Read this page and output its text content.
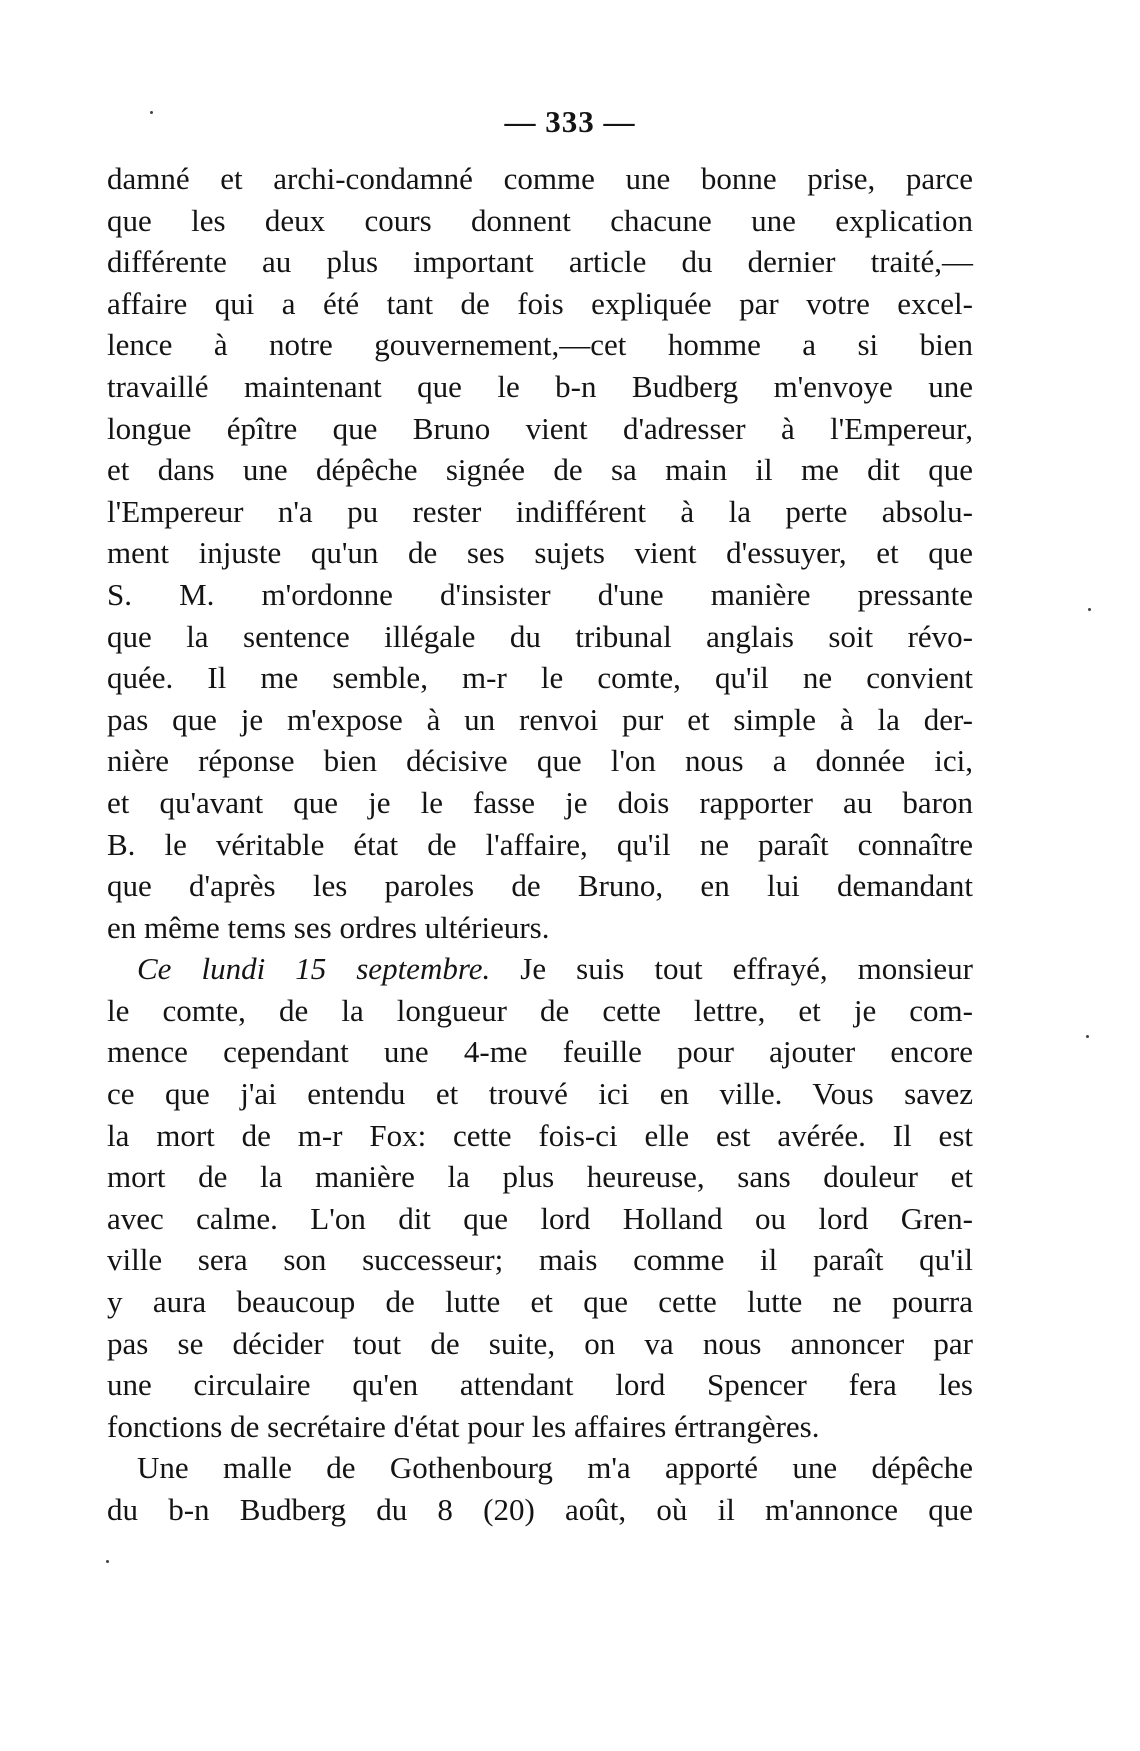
— 333 —
damné et archi-condamné comme une bonne prise, parce
que les deux cours donnent chacune une explication
différente au plus important article du dernier traité,—
affaire qui a été tant de fois expliquée par votre excel-
lence à notre gouvernement,—cet homme a si bien
travaillé maintenant que le b-n Budberg m'envoye une
longue épître que Bruno vient d'adresser à l'Empereur,
et dans une dépêche signée de sa main il me dit que
l'Empereur n'a pu rester indifférent à la perte absolu-
ment injuste qu'un de ses sujets vient d'essuyer, et que
S. M. m'ordonne d'insister d'une manière pressante
que la sentence illégale du tribunal anglais soit révo-
quée. Il me semble, m-r le comte, qu'il ne convient
pas que je m'expose à un renvoi pur et simple à la der-
nière réponse bien décisive que l'on nous a donnée ici,
et qu'avant que je le fasse je dois rapporter au baron
B. le véritable état de l'affaire, qu'il ne paraît connaître
que d'après les paroles de Bruno, en lui demandant
en même tems ses ordres ultérieurs.
Ce lundi 15 septembre. Je suis tout effrayé, monsieur
le comte, de la longueur de cette lettre, et je com-
mence cependant une 4-me feuille pour ajouter encore
ce que j'ai entendu et trouvé ici en ville. Vous savez
la mort de m-r Fox: cette fois-ci elle est avérée. Il est
mort de la manière la plus heureuse, sans douleur et
avec calme. L'on dit que lord Holland ou lord Gren-
ville sera son successeur; mais comme il paraît qu'il
y aura beaucoup de lutte et que cette lutte ne pourra
pas se décider tout de suite, on va nous annoncer par
une circulaire qu'en attendant lord Spencer fera les
fonctions de secrétaire d'état pour les affaires értrangères.
Une malle de Gothenbourg m'a apporté une dépêche
du b-n Budberg du 8 (20) août, où il m'annonce que
